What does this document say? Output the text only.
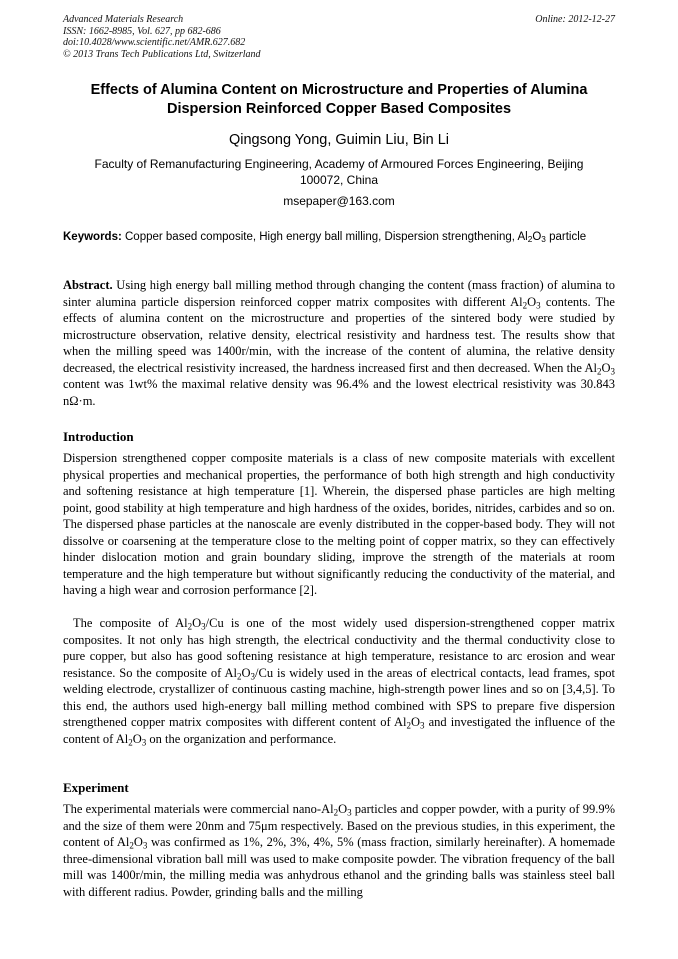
Advanced Materials Research
ISSN: 1662-8985, Vol. 627, pp 682-686
doi:10.4028/www.scientific.net/AMR.627.682
© 2013 Trans Tech Publications Ltd, Switzerland
Online: 2012-12-27
Effects of Alumina Content on Microstructure and Properties of Alumina
Dispersion Reinforced Copper Based Composites
Qingsong Yong, Guimin Liu, Bin Li
Faculty of Remanufacturing Engineering, Academy of Armoured Forces Engineering, Beijing 100072, China
msepaper@163.com
Keywords: Copper based composite, High energy ball milling, Dispersion strengthening, $Al_2O_3$ particle
Abstract. Using high energy ball milling method through changing the content (mass fraction) of alumina to sinter alumina particle dispersion reinforced copper matrix composites with different $Al_2O_3$ contents. The effects of alumina content on the microstructure and properties of the sintered body were studied by microstructure observation, relative density, electrical resistivity and hardness test. The results show that when the milling speed was 1400r/min, with the increase of the content of alumina, the relative density decreased, the electrical resistivity increased, the hardness increased first and then decreased. When the $Al_2O_3$ content was 1wt% the maximal relative density was 96.4% and the lowest electrical resistivity was 30.843 nΩ·m.
Introduction
Dispersion strengthened copper composite materials is a class of new composite materials with excellent physical properties and mechanical properties, the performance of both high strength and high conductivity and softening resistance at high temperature [1]. Wherein, the dispersed phase particles are high melting point, good stability at high temperature and high hardness of the oxides, borides, nitrides, carbides and so on. The dispersed phase particles at the nanoscale are evenly distributed in the copper-based body. They will not dissolve or coarsening at the temperature close to the melting point of copper matrix, so they can effectively hinder dislocation motion and grain boundary sliding, improve the strength of the materials at room temperature and the high temperature but without significantly reducing the conductivity of the material, and having a high wear and corrosion performance [2].
The composite of $Al_2O_3/Cu$ is one of the most widely used dispersion-strengthened copper matrix composites. It not only has high strength, the electrical conductivity and the thermal conductivity close to pure copper, but also has good softening resistance at high temperature, resistance to arc erosion and wear resistance. So the composite of $Al_2O_3/Cu$ is widely used in the areas of electrical contacts, lead frames, spot welding electrode, crystallizer of continuous casting machine, high-strength power lines and so on [3,4,5]. To this end, the authors used high-energy ball milling method combined with SPS to prepare five dispersion strengthened copper matrix composites with different content of $Al_2O_3$ and investigated the influence of the content of $Al_2O_3$ on the organization and performance.
Experiment
The experimental materials were commercial nano-$Al_2O_3$ particles and copper powder, with a purity of 99.9% and the size of them were 20nm and 75μm respectively. Based on the previous studies, in this experiment, the content of $Al_2O_3$ was confirmed as 1%, 2%, 3%, 4%, 5% (mass fraction, similarly hereinafter). A homemade three-dimensional vibration ball mill was used to make composite powder. The vibration frequency of the ball mill was 1400r/min, the milling media was anhydrous ethanol and the grinding balls was stainless steel ball with different radius. Powder, grinding balls and the milling
